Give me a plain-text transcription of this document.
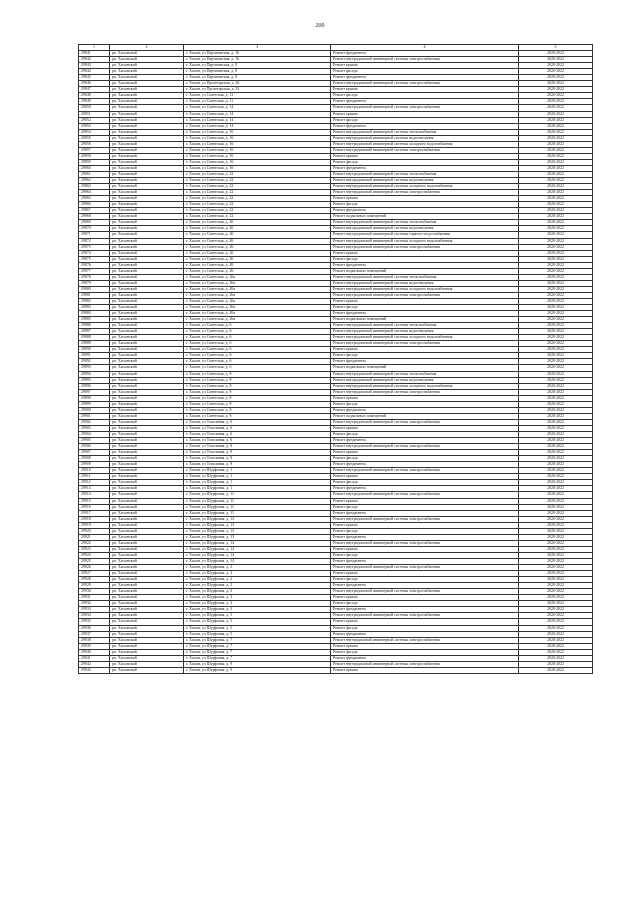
200
1	2	3	4	5
29841	рп. Хасынский	г. Хасын, ул Партизанская, д. 16	Ремонт фундамента	2020-2022
29842	рп. Хасынский	г. Хасын, ул Партизанская, д. 16	Ремонт внутридомовой инженерной системы электроснабжения	2020-2022
29843	рп. Хасынский	г. Хасын, ул Партизанская, д. 8	Ремонт крыши	2020-2022
29844	рп. Хасынский	г. Хасын, ул Партизанская, д. 8	Ремонт фасада	2020-2022
29845	рп. Хасынский	г. Хасын, ул Партизанская, д. 8	Ремонт фундамента	2020-2022
29846	рп. Хасынский	г. Хасын, ул Пролетарская, д. 26	Ремонт внутридомовой инженерной системы электроснабжения	2020-2022
29847	рп. Хасынский	г. Хасын, ул Пролетарская, д. 33	Ремонт крыши	2020-2022
29848	рп. Хасынский	г. Хасын, ул Советская, д. 11	Ремонт фасада	2020-2022
29849	рп. Хасынский	г. Хасын, ул Советская, д. 11	Ремонт фундамента	2020-2022
29850	рп. Хасынский	г. Хасын, ул Советская, д. 14	Ремонт внутридомовой инженерной системы электроснабжения	2020-2022
29851	рп. Хасынский	г. Хасын, ул Советская, д. 14	Ремонт крыши	2020-2022
29852	рп. Хасынский	г. Хасын, ул Советская, д. 14	Ремонт фасада	2020-2022
29853	рп. Хасынский	г. Хасын, ул Советская, д. 14	Ремонт фундамента	2020-2022
29854	рп. Хасынский	г. Хасын, ул Советская, д. 16	Ремонт внутридомовой инженерной системы теплоснабжения	2020-2022
29855	рп. Хасынский	г. Хасын, ул Советская, д. 16	Ремонт внутридомовой инженерной системы водоотведения	2020-2022
29856	рп. Хасынский	г. Хасын, ул Советская, д. 16	Ремонт внутридомовой инженерной системы холодного водоснабжения	2020-2022
29857	рп. Хасынский	г. Хасын, ул Советская, д. 16	Ремонт внутридомовой инженерной системы электроснабжения	2020-2022
29858	рп. Хасынский	г. Хасын, ул Советская, д. 16	Ремонт крыши	2020-2022
29859	рп. Хасынский	г. Хасын, ул Советская, д. 16	Ремонт фасада	2020-2022
29860	рп. Хасынский	г. Хасын, ул Советская, д. 16	Ремонт фундамента	2020-2022
29861	рп. Хасынский	г. Хасын, ул Советская, д. 22	Ремонт внутридомовой инженерной системы теплоснабжения	2020-2022
29862	рп. Хасынский	г. Хасын, ул Советская, д. 22	Ремонт внутридомовой инженерной системы водоотведения	2020-2022
29863	рп. Хасынский	г. Хасын, ул Советская, д. 22	Ремонт внутридомовой инженерной системы холодного водоснабжения	2020-2022
29864	рп. Хасынский	г. Хасын, ул Советская, д. 22	Ремонт внутридомовой инженерной системы электроснабжения	2020-2022
29865	рп. Хасынский	г. Хасын, ул Советская, д. 22	Ремонт крыши	2020-2022
29866	рп. Хасынский	г. Хасын, ул Советская, д. 22	Ремонт фасада	2020-2022
29867	рп. Хасынский	г. Хасын, ул Советская, д. 22	Ремонт фундамента	2020-2022
29868	рп. Хасынский	г. Хасын, ул Советская, д. 22	Ремонт подвальных помещений	2020-2022
29869	рп. Хасынский	г. Хасын, ул Советская, д. 26	Ремонт внутридомовой инженерной системы теплоснабжения	2020-2022
29870	рп. Хасынский	г. Хасын, ул Советская, д. 26	Ремонт внутридомовой инженерной системы водоотведения	2020-2022
29871	рп. Хасынский	г. Хасын, ул Советская, д. 26	Ремонт внутридомовой инженерной системы горячего водоснабжения	2020-2022
29872	рп. Хасынский	г. Хасын, ул Советская, д. 26	Ремонт внутридомовой инженерной системы холодного водоснабжения	2020-2022
29873	рп. Хасынский	г. Хасын, ул Советская, д. 26	Ремонт внутридомовой инженерной системы электроснабжения	2020-2022
29874	рп. Хасынский	г. Хасын, ул Советская, д. 26	Ремонт крыши	2020-2022
29875	рп. Хасынский	г. Хасын, ул Советская, д. 26	Ремонт фасада	2020-2022
29876	рп. Хасынский	г. Хасын, ул Советская, д. 26	Ремонт фундамента	2020-2022
29877	рп. Хасынский	г. Хасын, ул Советская, д. 26	Ремонт подвальных помещений	2020-2022
29878	рп. Хасынский	г. Хасын, ул Советская, д. 26а	Ремонт внутридомовой инженерной системы теплоснабжения	2020-2022
29879	рп. Хасынский	г. Хасын, ул Советская, д. 26а	Ремонт внутридомовой инженерной системы водоотведения	2020-2022
29880	рп. Хасынский	г. Хасын, ул Советская, д. 26а	Ремонт внутридомовой инженерной системы холодного водоснабжения	2020-2022
29881	рп. Хасынский	г. Хасын, ул Советская, д. 26а	Ремонт внутридомовой инженерной системы электроснабжения	2020-2022
29882	рп. Хасынский	г. Хасын, ул Советская, д. 26а	Ремонт крыши	2020-2022
29883	рп. Хасынский	г. Хасын, ул Советская, д. 26а	Ремонт фасада	2020-2022
29884	рп. Хасынский	г. Хасын, ул Советская, д. 26а	Ремонт фундамента	2020-2022
29885	рп. Хасынский	г. Хасын, ул Советская, д. 26а	Ремонт подвальных помещений	2020-2022
29886	рп. Хасынский	г. Хасын, ул Советская, д. 6	Ремонт внутридомовой инженерной системы теплоснабжения	2020-2022
29887	рп. Хасынский	г. Хасын, ул Советская, д. 6	Ремонт внутридомовой инженерной системы водоотведения	2020-2022
29888	рп. Хасынский	г. Хасын, ул Советская, д. 6	Ремонт внутридомовой инженерной системы холодного водоснабжения	2020-2022
29889	рп. Хасынский	г. Хасын, ул Советская, д. 6	Ремонт внутридомовой инженерной системы электроснабжения	2020-2022
29890	рп. Хасынский	г. Хасын, ул Советская, д. 6	Ремонт крыши	2020-2022
29891	рп. Хасынский	г. Хасын, ул Советская, д. 6	Ремонт фасада	2020-2022
29892	рп. Хасынский	г. Хасын, ул Советская, д. 6	Ремонт фундамента	2020-2022
29893	рп. Хасынский	г. Хасын, ул Советская, д. 6	Ремонт подвальных помещений	2020-2022
29894	рп. Хасынский	г. Хасын, ул Советская, д. 8	Ремонт внутридомовой инженерной системы теплоснабжения	2020-2022
29895	рп. Хасынский	г. Хасын, ул Советская, д. 8	Ремонт внутридомовой инженерной системы водоотведения	2020-2022
29896	рп. Хасынский	г. Хасын, ул Советская, д. 8	Ремонт внутридомовой инженерной системы холодного водоснабжения	2020-2022
29897	рп. Хасынский	г. Хасын, ул Советская, д. 8	Ремонт внутридомовой инженерной системы электроснабжения	2020-2022
29898	рп. Хасынский	г. Хасын, ул Советская, д. 8	Ремонт крыши	2020-2022
29899	рп. Хасынский	г. Хасын, ул Советская, д. 8	Ремонт фасада	2020-2022
29900	рп. Хасынский	г. Хасын, ул Советская, д. 8	Ремонт фундамента	2020-2022
29901	рп. Хасынский	г. Хасын, ул Советская, д. 8	Ремонт подвальных помещений	2020-2022
29902	рп. Хасынский	г. Хасын, ул Тополиная, д. 6	Ремонт внутридомовой инженерной системы электроснабжения	2020-2022
29903	рп. Хасынский	г. Хасын, ул Тополиная, д. 6	Ремонт крыши	2020-2022
29904	рп. Хасынский	г. Хасын, ул Тополиная, д. 6	Ремонт фасада	2020-2022
29905	рп. Хасынский	г. Хасын, ул Тополиная, д. 6	Ремонт фундамента	2020-2022
29906	рп. Хасынский	г. Хасын, ул Тополиная, д. 8	Ремонт внутридомовой инженерной системы электроснабжения	2020-2022
29907	рп. Хасынский	г. Хасын, ул Тополиная, д. 8	Ремонт крыши	2020-2022
29908	рп. Хасынский	г. Хасын, ул Тополиная, д. 8	Ремонт фасада	2020-2022
29909	рп. Хасынский	г. Хасын, ул Тополиная, д. 8	Ремонт фундамента	2020-2022
29910	рп. Хасынский	г. Хасын, ул Шурфовая, д. 1	Ремонт внутридомовой инженерной системы электроснабжения	2020-2022
29911	рп. Хасынский	г. Хасын, ул Шурфовая, д. 1	Ремонт крыши	2020-2022
29912	рп. Хасынский	г. Хасын, ул Шурфовая, д. 1	Ремонт фасада	2020-2022
29913	рп. Хасынский	г. Хасын, ул Шурфовая, д. 1	Ремонт фундамента	2020-2022
29914	рп. Хасынский	г. Хасын, ул Шурфовая, д. 11	Ремонт внутридомовой инженерной системы электроснабжения	2020-2022
29915	рп. Хасынский	г. Хасын, ул Шурфовая, д. 11	Ремонт крыши	2020-2022
29916	рп. Хасынский	г. Хасын, ул Шурфовая, д. 11	Ремонт фасада	2020-2022
29917	рп. Хасынский	г. Хасын, ул Шурфовая, д. 11	Ремонт фундамента	2020-2022
29918	рп. Хасынский	г. Хасын, ул Шурфовая, д. 13	Ремонт внутридомовой инженерной системы электроснабжения	2020-2022
29919	рп. Хасынский	г. Хасын, ул Шурфовая, д. 13	Ремонт крыши	2020-2022
29920	рп. Хасынский	г. Хасын, ул Шурфовая, д. 13	Ремонт фасада	2020-2022
29921	рп. Хасынский	г. Хасын, ул Шурфовая, д. 13	Ремонт фундамента	2020-2022
29922	рп. Хасынский	г. Хасын, ул Шурфовая, д. 14	Ремонт внутридомовой инженерной системы электроснабжения	2020-2022
29923	рп. Хасынский	г. Хасын, ул Шурфовая, д. 14	Ремонт крыши	2020-2022
29924	рп. Хасынский	г. Хасын, ул Шурфовая, д. 14	Ремонт фасада	2020-2022
29925	рп. Хасынский	г. Хасын, ул Шурфовая, д. 14	Ремонт фундамента	2020-2022
29926	рп. Хасынский	г. Хасын, ул Шурфовая, д. 2	Ремонт внутридомовой инженерной системы электроснабжения	2020-2022
29927	рп. Хасынский	г. Хасын, ул Шурфовая, д. 2	Ремонт крыши	2020-2022
29928	рп. Хасынский	г. Хасын, ул Шурфовая, д. 2	Ремонт фасада	2020-2022
29929	рп. Хасынский	г. Хасын, ул Шурфовая, д. 2	Ремонт фундамента	2020-2022
29930	рп. Хасынский	г. Хасын, ул Шурфовая, д. 3	Ремонт внутридомовой инженерной системы электроснабжения	2020-2022
29931	рп. Хасынский	г. Хасын, ул Шурфовая, д. 3	Ремонт крыши	2020-2022
29932	рп. Хасынский	г. Хасын, ул Шурфовая, д. 3	Ремонт фасада	2020-2022
29933	рп. Хасынский	г. Хасын, ул Шурфовая, д. 3	Ремонт фундамента	2020-2022
29934	рп. Хасынский	г. Хасын, ул Шурфовая, д. 5	Ремонт внутридомовой инженерной системы электроснабжения	2020-2022
29935	рп. Хасынский	г. Хасын, ул Шурфовая, д. 5	Ремонт крыши	2020-2022
29936	рп. Хасынский	г. Хасын, ул Шурфовая, д. 5	Ремонт фасада	2020-2022
29937	рп. Хасынский	г. Хасын, ул Шурфовая, д. 5	Ремонт фундамента	2020-2022
29938	рп. Хасынский	г. Хасын, ул Шурфовая, д. 7	Ремонт внутридомовой инженерной системы электроснабжения	2020-2022
29939	рп. Хасынский	г. Хасын, ул Шурфовая, д. 7	Ремонт крыши	2020-2022
29940	рп. Хасынский	г. Хасын, ул Шурфовая, д. 7	Ремонт фасада	2020-2022
29941	рп. Хасынский	г. Хасын, ул Шурфовая, д. 7	Ремонт фундамента	2020-2022
29942	рп. Хасынский	г. Хасын, ул Шурфовая, д. 9	Ремонт внутридомовой инженерной системы электроснабжения	2020-2022
29943	рп. Хасынский	г. Хасын, ул Шурфовая, д. 9	Ремонт крыши	2020-2022
